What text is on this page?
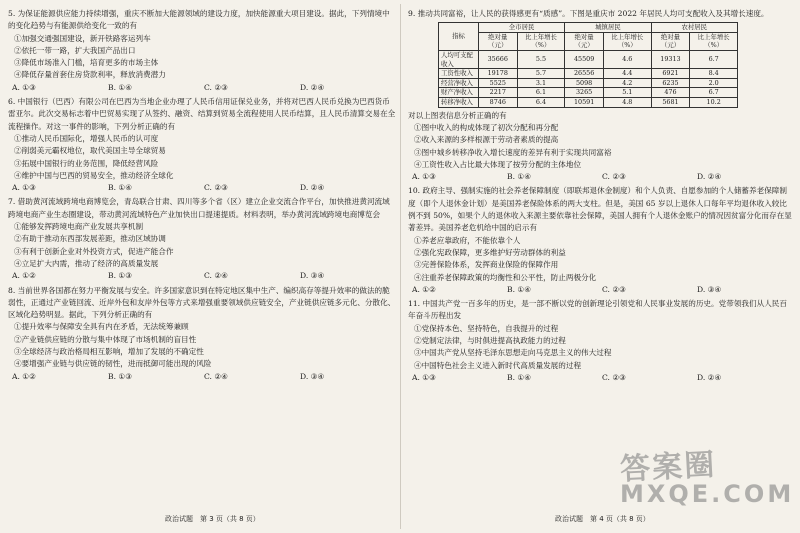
5. 为保证能源供应能力持续增强，重庆不断加大能源领域的建设力度，加快能源重大项目建设。据此，下列情境中的变化趋势与有能源供给变化一致的有
①加强交通强国建设，新开铁路客运列车
②依托一带一路，扩大我国产品出口
③降低市场准入门槛，培育更多的市场主体
④降低存量首套住房贷款利率，释放消费潜力
A. ①③	B. ①④	C. ②③	D. ②④
6. 中国银行（巴西）有限公司在巴西为当地企业办理了人民币信用证保兑业务，并将对巴西人民币兑换为巴西货币雷亚尔。此次交易标志着中巴贸易实现了从签约、融资、结算到贸易全流程使用人民币结算，且人民币清算交易在全流程操作。对这一事件的影响，下列分析正确的有
①推动人民币国际化，增强人民币的认可度
②削弱美元霸权地位，取代美国主导全球贸易
③拓展中国银行的业务范围，降低经营风险
④维护中国与巴西的贸易安全，推动经济全球化
A. ①③	B. ①④	C. ②③	D. ②④
7. 借助黄河流域跨境电商博览会，青岛联合甘肃、四川等多个省（区）建立企业交流合作平台，加快推进黄河流域跨境电商产业生态圈建设，带动黄河流域特色产业加快出口提速提质。材料表明，举办黄河流域跨境电商博览会
①能够发挥跨境电商产业发展共享机制
②有助于推动东西部发展差距，推动区域协调
③有利于创新企业对外投资方式，促进产能合作
④立足扩大内需，推动了经济的高质量发展
A. ①②	B. ①③	C. ②④	D. ③④
8. 当前世界各国都在努力平衡发展与安全。许多国家意识到在特定地区集中生产、编织高存等提升效率的做法的脆弱性，正通过产业链回流、近岸外包和友岸外包等方式来增强重要领域供应链安全，产业链供应链多元化、分散化、区域化趋势明显。据此，下列分析正确的有
①提升效率与保障安全具有内在矛盾，无法统筹兼顾
②产业链供应链的分散与集中体现了市场机制的盲目性
③全球经济与政治格局相互影响，增加了发展的不确定性
④要增强产业链与供应链的韧性，进而抵御可能出现的风险
A. ①②	B. ①③	C. ②④	D. ③④
政治试题　第 3 页（共 8 页）
9. 推动共同富裕，让人民的获得感更有“质感”。下图是重庆市 2022 年居民人均可支配收入及其增长速度。
指标	全市居民		城镇居民		农村居民	
	绝对量（元）	比上年增长（%）	绝对量（元）	比上年增长（%）	绝对量（元）	比上年增长（%）
人均可支配收入	35666	5.5	45509	4.6	19313	6.7
工资性收入	19178	5.7	26556	4.4	6921	8.4
经营净收入	5525	3.1	5098	4.2	6235	2.0
财产净收入	2217	6.1	3265	5.1	476	6.7
转移净收入	8746	6.4	10591	4.8	5681	10.2
对以上图表信息分析正确的有
①图中收入的构成体现了初次分配和再分配
②收入来源的多样根源于劳动者素质的提高
③图中城乡转移净收入增长速度的差异有利于实现共同富裕
④工资性收入占比最大体现了按劳分配的主体地位
A. ①③	B. ①④	C. ②③	D. ②④
10. 政府主导、强制实施的社会养老保障制度（即联邦退休金制度）和个人负责、自愿参加的个人储蓄养老保障制度（即个人退休金计划）是美国养老保险体系的两大支柱。但是，美国 65 岁以上退休人口每年平均退休收入较比例不到 50%，如果个人的退休收入来源主要依靠社会保障，美国人拥有个人退休金账户的情况因贫富分化而存在显著差异。美国养老危机给中国的启示有
①养老应靠政府，不能依靠个人
②强化宪政保障，更多维护好劳动群体的利益
③完善保险体系，发挥商业保险的保障作用
④注重养老保障政策的均衡性和公平性，防止两极分化
A. ①②	B. ①④	C. ②③	D. ③④
11. 中国共产党一百多年的历史，是一部不断以党的创新理论引领党和人民事业发展的历史。党带领我们从人民百年奋斗历程出发
①党保持本色、坚持特色，自我提升的过程
②党制定法律，与时俱进提高执政能力的过程
③中国共产党从坚持毛泽东思想走向马克思主义的伟大过程
④中国特色社会主义进入新时代高质量发展的过程
A. ①③	B. ①④	C. ②③	D. ②④
政治试题　第 4 页（共 8 页）
答案圈
MXQE.COM
